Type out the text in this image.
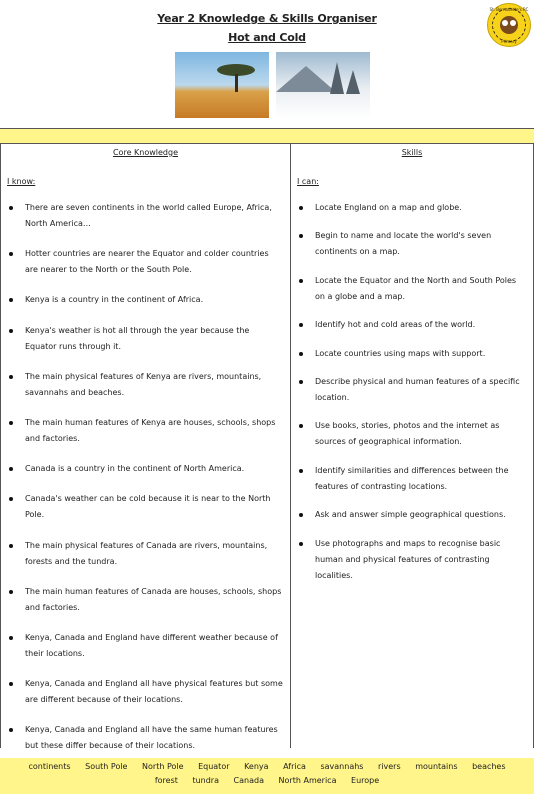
Year 2 Knowledge & Skills Organiser
Hot and Cold
St. Bernadette's RC
Primary
Core Knowledge
I know:
There are seven continents in the world called Europe, Africa, North America…
Hotter countries are nearer the Equator and colder countries are nearer to the North or the South Pole.
Kenya is a country in the continent of Africa.
Kenya's weather is hot all through the year because the Equator runs through it.
The main physical features of Kenya are rivers, mountains, savannahs and beaches.
The main human features of Kenya are houses, schools, shops and factories.
Canada is a country in the continent of North America.
Canada's weather can be cold because it is near to the North Pole.
The main physical features of Canada are rivers, mountains, forests and the tundra.
The main human features of Canada are houses, schools, shops and factories.
Kenya, Canada and England have different weather because of their locations.
Kenya, Canada and England all have physical features but some are different because of their locations.
Kenya, Canada and England all have the same human features but these differ because of their locations.
Skills
I can:
Locate England on a map and globe.
Begin to name and locate the world's seven continents on a map.
Locate the Equator and the North and South Poles on a globe and a map.
Identify hot and cold areas of the world.
Locate countries using maps with support.
Describe physical and human features of a specific location.
Use books, stories, photos and the internet as sources of geographical information.
Identify similarities and differences between the features of contrasting locations.
Ask and answer simple geographical questions.
Use photographs and maps to recognise basic human and physical features of contrasting localities.
continents South Pole North Pole Equator Kenya Africa savannahs rivers mountains beaches
forest tundra Canada North America Europe
